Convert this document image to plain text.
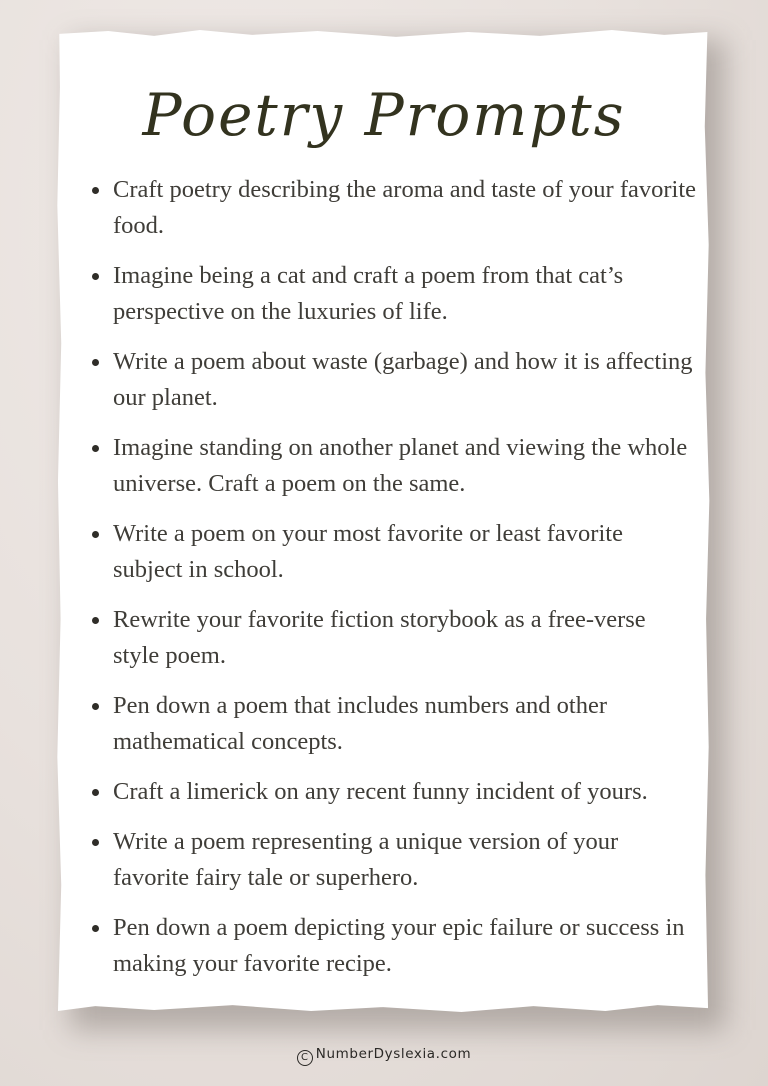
Poetry Prompts
Craft poetry describing the aroma and taste of your favorite food.
Imagine being a cat and craft a poem from that cat’s perspective on the luxuries of life.
Write a poem about waste (garbage) and how it is affecting our planet.
Imagine standing on another planet and viewing the whole universe. Craft a poem on the same.
Write a poem on your most favorite or least favorite subject in school.
Rewrite your favorite fiction storybook as a free-verse style poem.
Pen down a poem that includes numbers and other mathematical concepts.
Craft a limerick on any recent funny incident of yours.
Write a poem representing a unique version of your favorite fairy tale or superhero.
Pen down a poem depicting your epic failure or success in making your favorite recipe.
C NumberDyslexia.com
